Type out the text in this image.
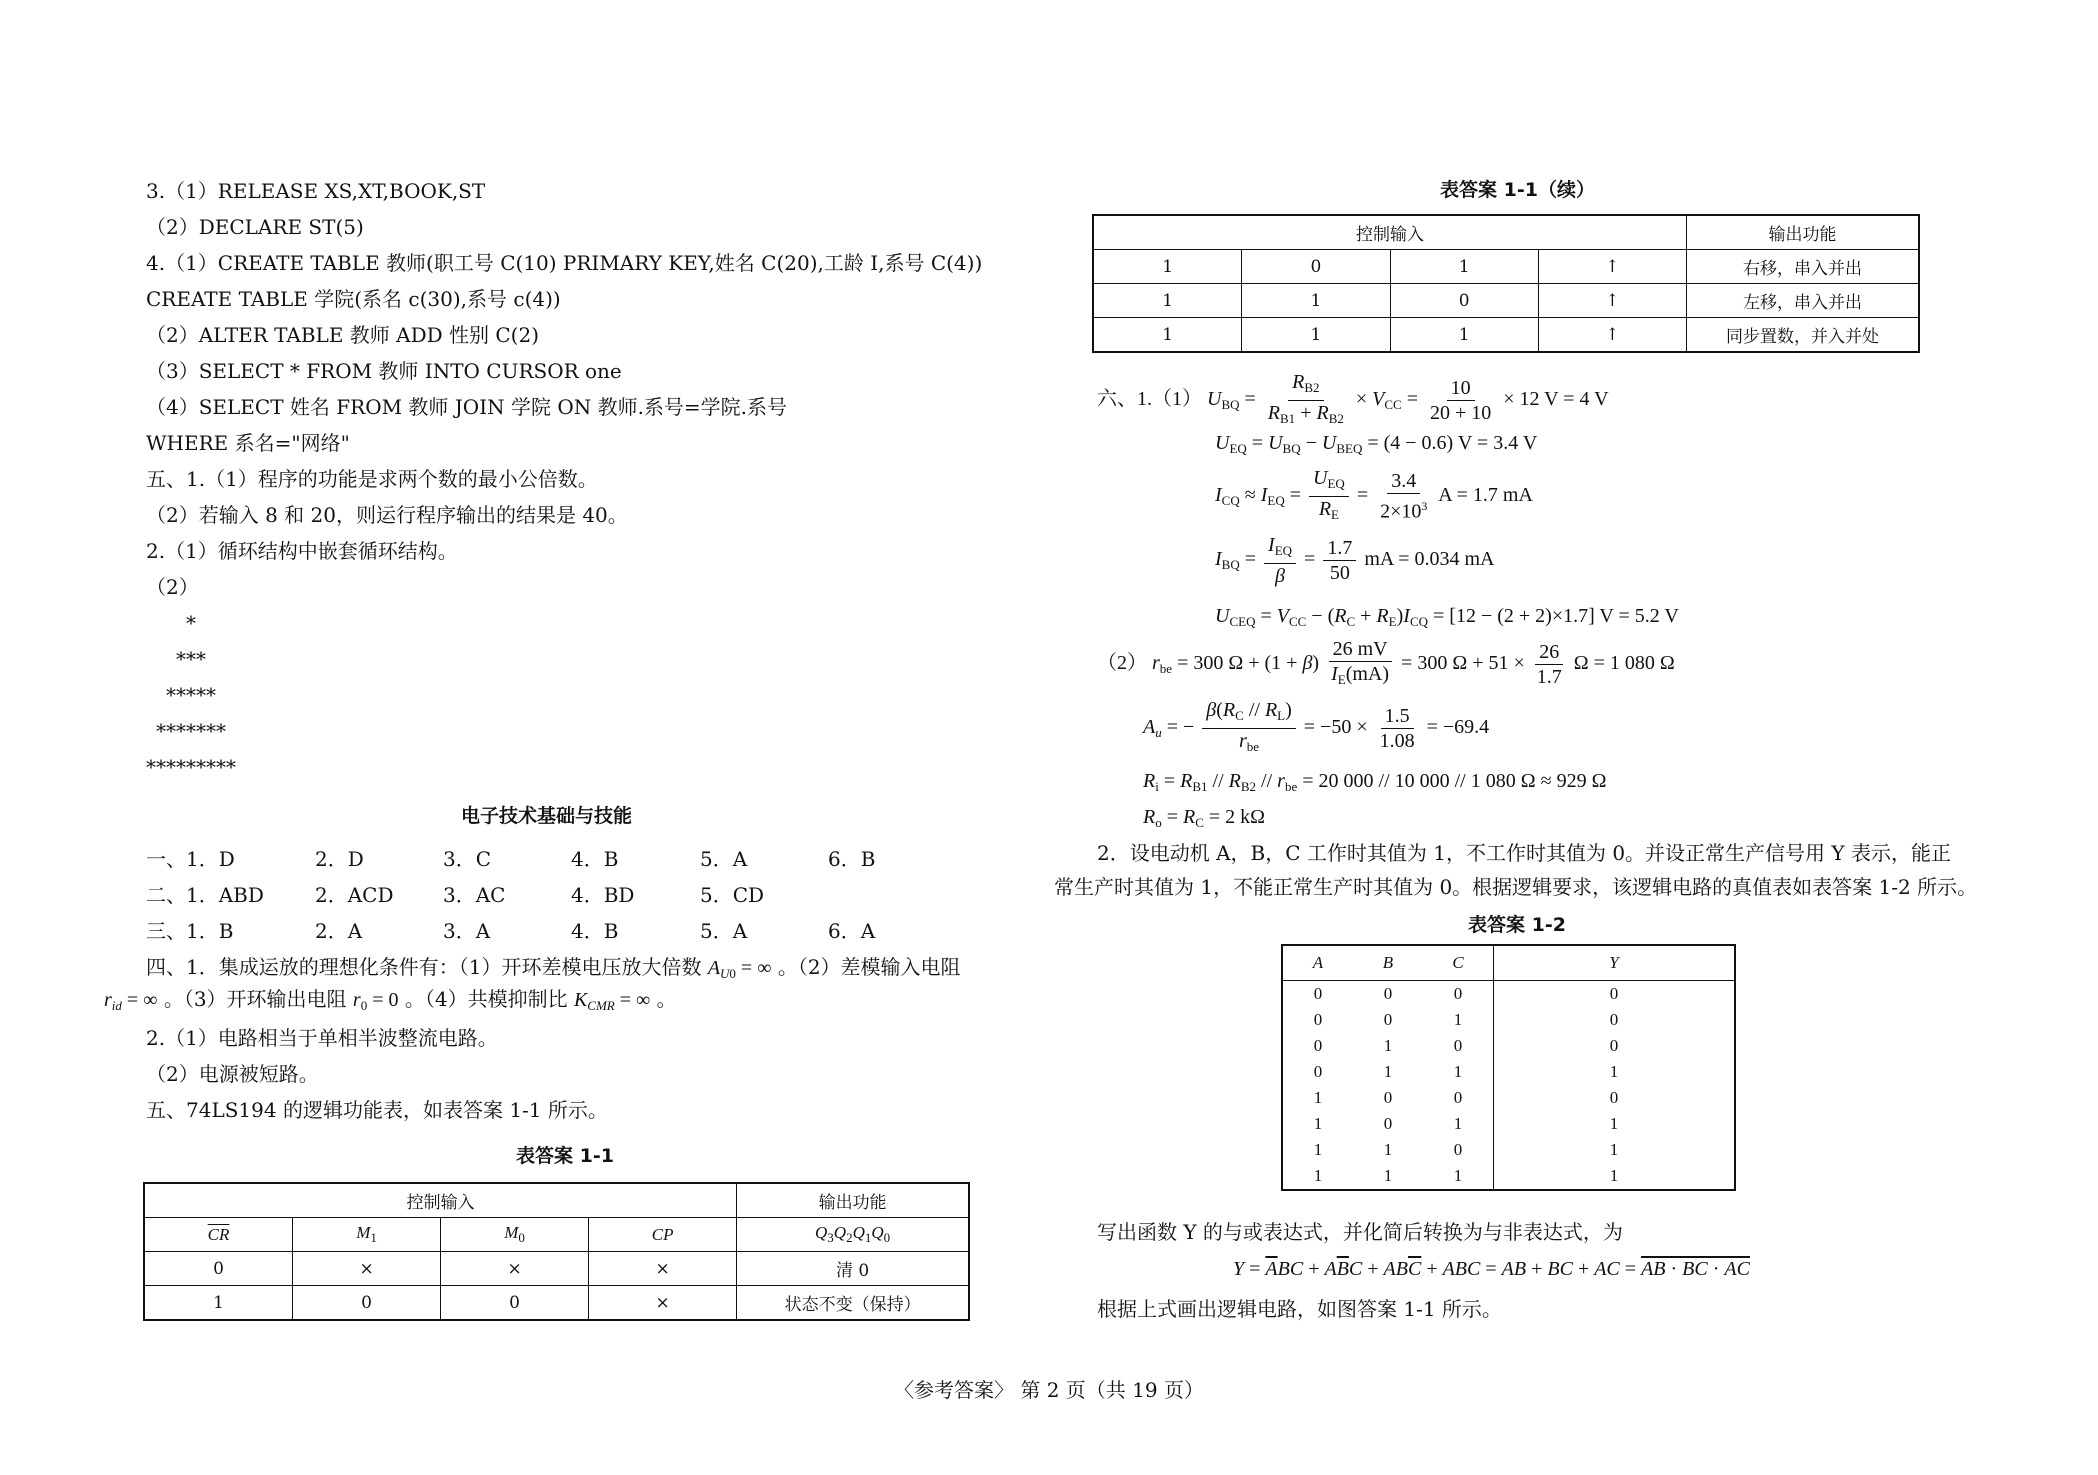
3.（1）RELEASE XS,XT,BOOK,ST
（2）DECLARE ST(5)
4.（1）CREATE TABLE 教师(职工号 C(10) PRIMARY KEY,姓名 C(20),工龄 I,系号 C(4))
CREATE TABLE 学院(系名 c(30),系号 c(4))
（2）ALTER TABLE 教师 ADD 性别 C(2)
（3）SELECT * FROM 教师 INTO CURSOR one
（4）SELECT 姓名 FROM 教师 JOIN 学院 ON 教师.系号=学院.系号
WHERE 系名="网络"
五、1.（1）程序的功能是求两个数的最小公倍数。
（2）若输入 8 和 20，则运行程序输出的结果是 40。
2.（1）循环结构中嵌套循环结构。
（2）
*
***
*****
*******
*********
电子技术基础与技能
一、1．D	2．D	3．C	4．B	5．A	6．B
二、1．ABD	2．ACD 3．AC	4．BD	5．CD
三、1．B	2．A	3．A	4．B	5．A	6．A
四、1．集成运放的理想化条件有：（1）开环差模电压放大倍数 $A_{U0}$ = ∞ 。（2）差模输入电阻
$r_{id}$ = ∞ 。（3）开环输出电阻 $r_0 = 0$ 。（4）共模抑制比 $K_{CMR}$ = ∞ 。
2.（1）电路相当于单相半波整流电路。
（2）电源被短路。
五、74LS194 的逻辑功能表，如表答案 1-1 所示。
表答案 1-1
控制输入				输出功能
$\overline{CR}$	$M_1$	$M_0$	CP	$Q_3Q_2Q_1Q_0$
0	×	×	×	清 0
1	0	0	×	状态不变（保持）
表答案 1-1（续）
控制输入				输出功能
1	0	1	↑	右移，串入并出
1	1	0	↑	左移，串入并出
1	1	1	↑	同步置数，并入并处
六、1.（1） $U_{BQ} = \frac{R_{B2}}{R_{B1} + R_{B2}} \times V_{CC} = \frac{10}{20 + 10} \times 12$ V = 4 V
$U_{EQ} = U_{BQ} - U_{BEQ} = (4 - 0.6) V = 3.4$ V
$I_{CQ} \approx I_{EQ} = \frac{U_{EQ}}{R_E} = \frac{3.4}{2\times 10^3}$ A = 1.7 mA
$I_{BQ} = \frac{I_{EQ}}{\beta} = \frac{1.7}{50}$ mA = 0.034 mA
$U_{CEQ} = V_{CC} - (R_C + R_E)I_{CQ} = [12 - (2 + 2)\times 1.7] V = 5.2$ V
（2） $r_{be} = 300$ $\Omega + (1 + \beta) \frac{26 mV}{I_E(mA)} = 300$ $\Omega + 51 \times \frac{26}{1.7}$ Ω = 1 080 Ω
$A_u$ = − $\frac{\beta(R_C // R_L)}{r_{be}} = -50 \times \frac{1.5}{1.08} = -69.4$
$R_i = R_{B1} // R_{B2} // r_{be} = 20$ 000 // 10 000 // 1 080 Ω ≈ 929 Ω
$R_o = R_C = 2$ kΩ
2．设电动机 A，B，C 工作时其值为 1，不工作时其值为 0。并设正常生产信号用 Y 表示，能正
常生产时其值为 1，不能正常生产时其值为 0。根据逻辑要求，该逻辑电路的真值表如表答案 1-2 所示。
表答案 1-2
A	B	C	Y
0	0	0	0
0	0	1	0
0	1	0	0
0	1	1	1
1	0	0	0
1	0	1	1
1	1	0	1
1	1	1	1
写出函数 Y 的与或表达式，并化简后转换为与非表达式，为
$Y = \overline{A}BC + A\overline{B}C + AB\overline{C}$ + ABC = AB + BC + AC = AB · BC · AC
根据上式画出逻辑电路，如图答案 1-1 所示。
〈参考答案〉 第 2 页（共 19 页）
